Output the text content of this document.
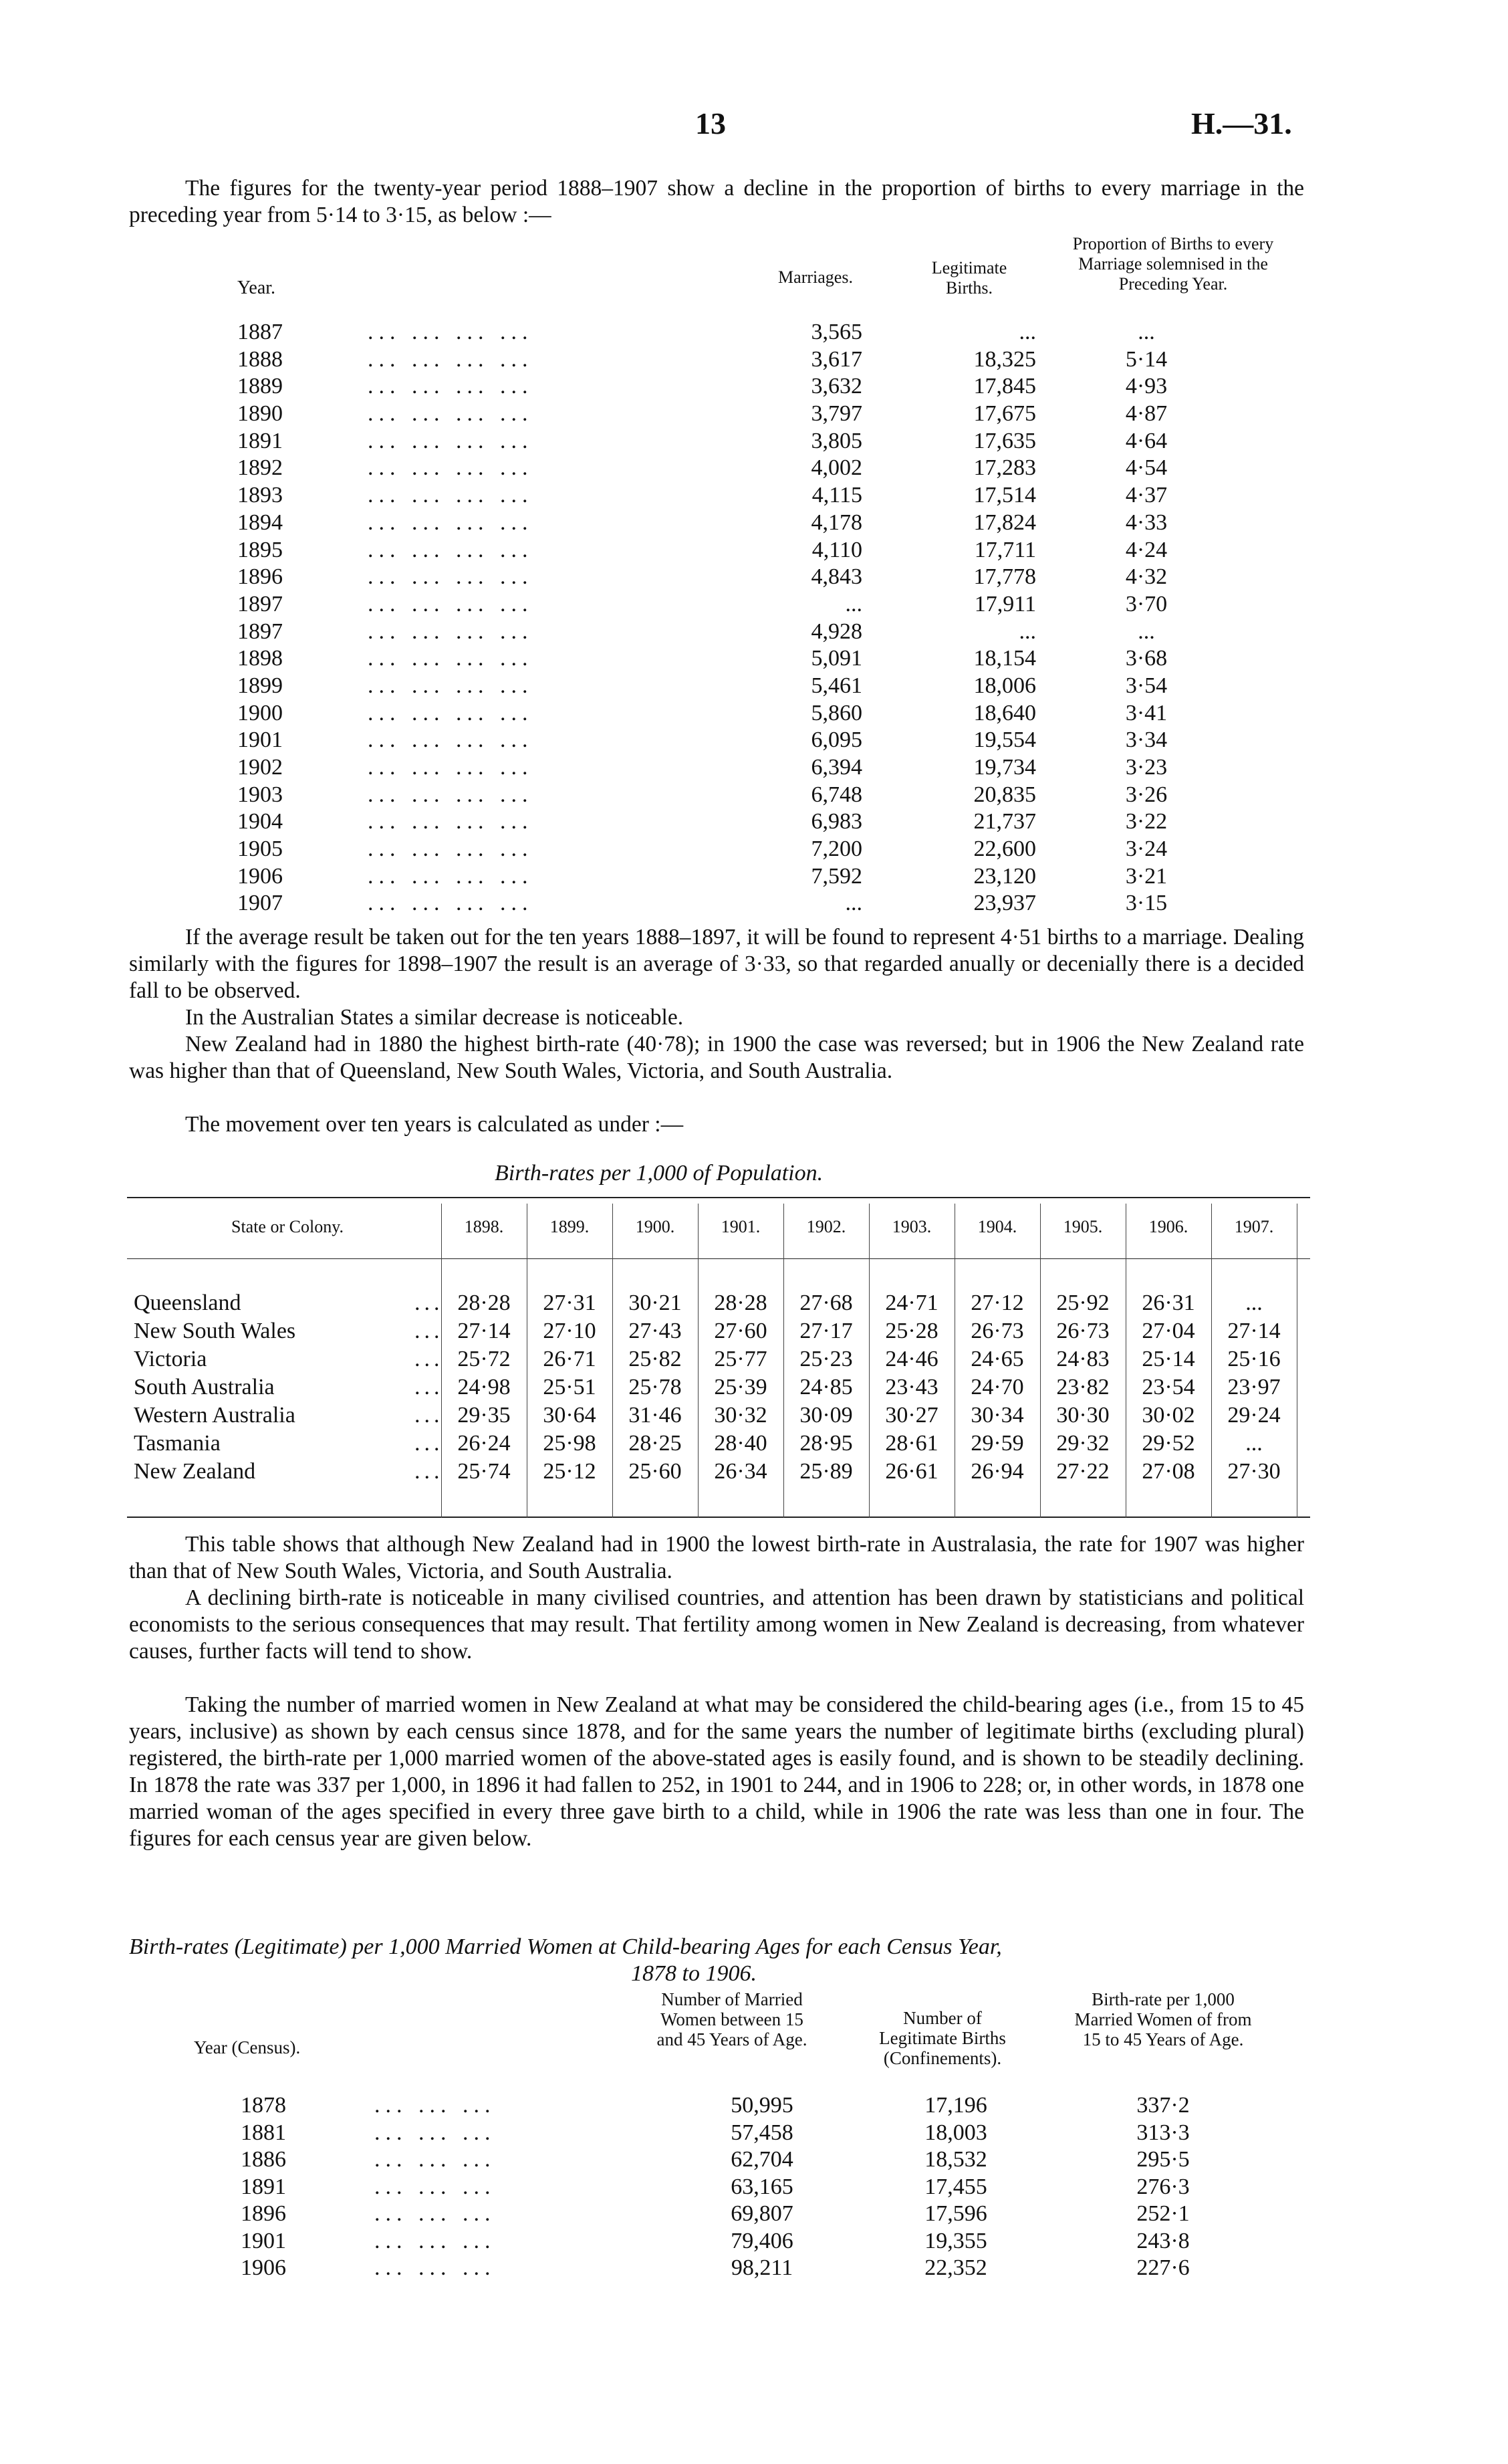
13	H.—31.

The figures for the twenty-year period 1888–1907 show a decline in the proportion of births to every marriage in the preceding year from 5·14 to 3·15, as below :—

Year.
Marriages.	Legitimate Births.
Proportion of Births to every Marriage solemnised in the Preceding Year.
1887	... ... ... ...	3,565	...	...
1888	... ... ... ...	3,617	18,325	5·14
1889	... ... ... ...	3,632	17,845	4·93
1890	... ... ... ...	3,797	17,675	4·87
1891	... ... ... ...	3,805	17,635	4·64
1892	... ... ... ...	4,002	17,283	4·54
1893	... ... ... ...	4,115	17,514	4·37
1894	... ... ... ...	4,178	17,824	4·33
1895	... ... ... ...	4,110	17,711	4·24
1896	... ... ... ...	4,843	17,778	4·32
1897	... ... ... ...	...	17,911	3·70
1897	... ... ... ...	4,928	...	...
1898	... ... ... ...	5,091	18,154	3·68
1899	... ... ... ...	5,461	18,006	3·54
1900	... ... ... ...	5,860	18,640	3·41
1901	... ... ... ...	6,095	19,554	3·34
1902	... ... ... ...	6,394	19,734	3·23
1903	... ... ... ...	6,748	20,835	3·26
1904	... ... ... ...	6,983	21,737	3·22
1905	... ... ... ...	7,200	22,600	3·24
1906	... ... ... ...	7,592	23,120	3·21
1907	... ... ... ...	...	23,937	3·15

If the average result be taken out for the ten years 1888–1897, it will be found to represent 4·51 births to a marriage. Dealing similarly with the figures for 1898–1907 the result is an average of 3·33, so that regarded anually or decenially there is a decided fall to be observed.

In the Australian States a similar decrease is noticeable.

New Zealand had in 1880 the highest birth-rate (40·78); in 1900 the case was reversed; but in 1906 the New Zealand rate was higher than that of Queensland, New South Wales, Victoria, and South Australia.

The movement over ten years is calculated as under :—

Birth-rates per 1,000 of Population.
State or Colony.	1898.	1899.	1900.	1901.	1902.	1903.	1904.	1905.	1906.	1907.
Queensland	... 28·28	27·31	30·21	28·28	27·68	24·71	27·12	25·92	26·31	...
New South Wales	... 27·14	27·10	27·43	27·60	27·17	25·28	26·73	26·73	27·04	27·14
Victoria	... 25·72	26·71	25·82	25·77	25·23	24·46	24·65	24·83	25·14	25·16
South Australia	... 24·98	25·51	25·78	25·39	24·85	23·43	24·70	23·82	23·54	23·97
Western Australia	... 29·35	30·64	31·46	30·32	30·09	30·27	30·34	30·30	30·02	29·24
Tasmania	... 26·24	25·98	28·25	28·40	28·95	28·61	29·59	29·32	29·52	...
New Zealand	... 25·74	25·12	25·60	26·34	25·89	26·61	26·94	27·22	27·08	27·30

This table shows that although New Zealand had in 1900 the lowest birth-rate in Australasia, the rate for 1907 was higher than that of New South Wales, Victoria, and South Australia.

A declining birth-rate is noticeable in many civilised countries, and attention has been drawn by statisticians and political economists to the serious consequences that may result. That fertility among women in New Zealand is decreasing, from whatever causes, further facts will tend to show.

Taking the number of married women in New Zealand at what may be considered the child-bearing ages (i.e., from 15 to 45 years, inclusive) as shown by each census since 1878, and for the same years the number of legitimate births (excluding plural) registered, the birth-rate per 1,000 married women of the above-stated ages is easily found, and is shown to be steadily declining. In 1878 the rate was 337 per 1,000, in 1896 it had fallen to 252, in 1901 to 244, and in 1906 to 228; or, in other words, in 1878 one married woman of the ages specified in every three gave birth to a child, while in 1906 the rate was less than one in four. The figures for each census year are given below.

Birth-rates (Legitimate) per 1,000 Married Women at Child-bearing Ages for each Census Year,
1878 to 1906.
Year (Census).
Number of Married Women between 15 and 45 Years of Age.
Number of Legitimate Births (Confinements).
Birth-rate per 1,000 Married Women of from 15 to 45 Years of Age.
1878	... ... ...	50,995	17,196	337·2
1881	... ... ...	57,458	18,003	313·3
1886	... ... ...	62,704	18,532	295·5
1891	... ... ...	63,165	17,455	276·3
1896	... ... ...	69,807	17,596	252·1
1901	... ... ...	79,406	19,355	243·8
1906	... ... ...	98,211	22,352	227·6
